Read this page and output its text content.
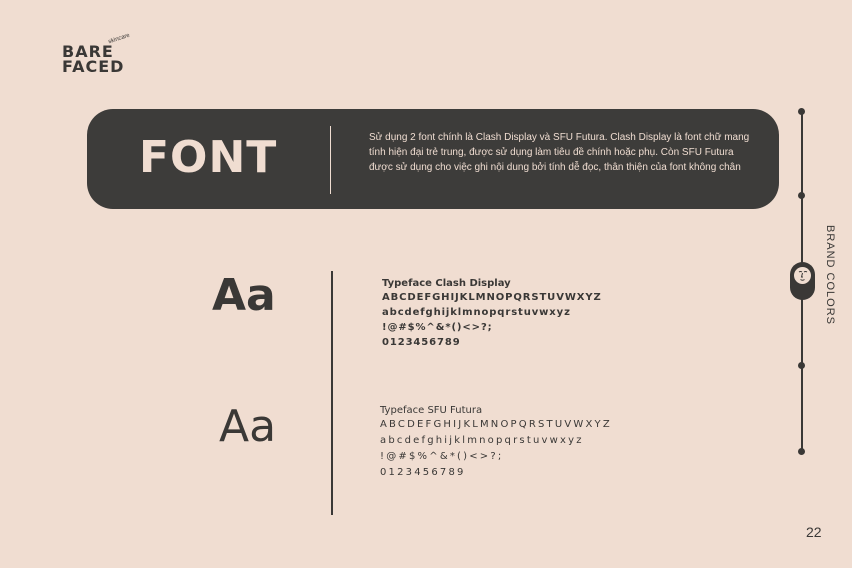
BARE
FACED
skincare
FONT	Sử dụng 2 font chính là Clash Display và SFU Futura. Clash Display là font chữ mang tính hiện đại trẻ trung, được sử dụng làm tiêu đề chính hoặc phụ. Còn SFU Futura được sử dụng cho việc ghi nội dung bởi tính dễ đọc, thân thiện của font không chân
Aa
Aa
Typeface Clash Display
ABCDEFGHIJKLMNOPQRSTUVWXYZ
abcdefghijklmnopqrstuvwxyz
!@#$%^&*()<>?;
0123456789
Typeface SFU Futura
ABCDEFGHIJKLMNOPQRSTUVWXYZ
abcdefghijklmnopqrstuvwxyz
!@#$%^&*()<>?;
0123456789
BRAND COLORS
22
